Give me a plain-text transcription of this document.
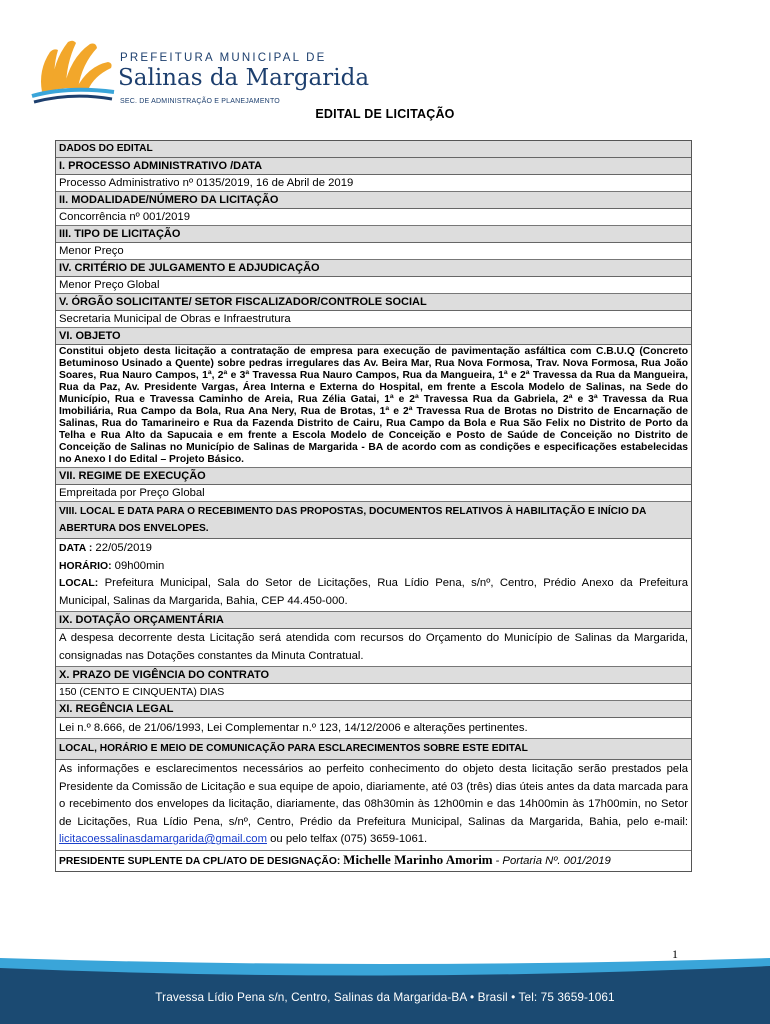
PREFEITURA MUNICIPAL DE
Salinas da Margarida
SEC. DE ADMINISTRAÇÃO E PLANEJAMENTO
EDITAL DE LICITAÇÃO
DADOS DO EDITAL
I. PROCESSO ADMINISTRATIVO /DATA
Processo Administrativo nº 0135/2019, 16 de Abril de 2019
II. MODALIDADE/NÚMERO DA LICITAÇÃO
Concorrência nº 001/2019
III. TIPO DE LICITAÇÃO
Menor Preço
IV. CRITÉRIO DE JULGAMENTO E ADJUDICAÇÃO
Menor Preço Global
V. ÓRGÃO SOLICITANTE/ SETOR FISCALIZADOR/CONTROLE SOCIAL
Secretaria Municipal de Obras e Infraestrutura
VI. OBJETO
Constitui objeto desta licitação a contratação de empresa para execução de pavimentação asfáltica com C.B.U.Q (Concreto Betuminoso Usinado a Quente) sobre pedras irregulares das Av. Beira Mar, Rua Nova Formosa, Trav. Nova Formosa, Rua João Soares, Rua Nauro Campos, 1ª, 2ª e 3ª Travessa Rua Nauro Campos, Rua da Mangueira, 1ª e 2ª Travessa da Rua da Mangueira, Rua da Paz, Av. Presidente Vargas, Área Interna e Externa do Hospital, em frente a Escola Modelo de Salinas, na Sede do Município, Rua e Travessa Caminho de Areia, Rua Zélia Gatai, 1ª e 2ª Travessa Rua da Gabriela, 2ª e 3ª Travessa da Rua Imobiliária, Rua Campo da Bola, Rua Ana Nery, Rua de Brotas, 1ª e 2ª Travessa Rua de Brotas no Distrito de Encarnação de Salinas, Rua do Tamarineiro e Rua da Fazenda Distrito de Cairu, Rua Campo da Bola e Rua São Felix no Distrito de Porto da Telha e Rua Alto da Sapucaia e em frente a Escola Modelo de Conceição e Posto de Saúde de Conceição no Distrito de Conceição de Salinas no Município de Salinas de Margarida - BA de acordo com as condições e especificações estabelecidas no Anexo I do Edital – Projeto Básico.
VII. REGIME DE EXECUÇÃO
Empreitada por Preço Global
VIII. LOCAL E DATA PARA O RECEBIMENTO DAS PROPOSTAS, DOCUMENTOS RELATIVOS À HABILITAÇÃO E INÍCIO DA ABERTURA DOS ENVELOPES.
DATA : 22/05/2019
HORÁRIO: 09h00min
LOCAL: Prefeitura Municipal, Sala do Setor de Licitações, Rua Lídio Pena, s/nº, Centro, Prédio Anexo da Prefeitura Municipal, Salinas da Margarida, Bahia, CEP 44.450-000.
IX. DOTAÇÃO ORÇAMENTÁRIA
A despesa decorrente desta Licitação será atendida com recursos do Orçamento do Município de Salinas da Margarida, consignadas nas Dotações constantes da Minuta Contratual.
X. PRAZO DE VIGÊNCIA DO CONTRATO
150 (CENTO E CINQUENTA) DIAS
XI. REGÊNCIA LEGAL
Lei n.º 8.666, de 21/06/1993, Lei Complementar n.º 123, 14/12/2006 e alterações pertinentes.
LOCAL, HORÁRIO E MEIO DE COMUNICAÇÃO PARA ESCLARECIMENTOS SOBRE ESTE EDITAL
As informações e esclarecimentos necessários ao perfeito conhecimento do objeto desta licitação serão prestados pela Presidente da Comissão de Licitação e sua equipe de apoio, diariamente, até 03 (três) dias úteis antes da data marcada para o recebimento dos envelopes da licitação, diariamente, das 08h30min às 12h00min e das 14h00min às 17h00min, no Setor de Licitações, Rua Lídio Pena, s/nº, Centro, Prédio da Prefeitura Municipal, Salinas da Margarida, Bahia, pelo e-mail: licitacoessalinasdamargarida@gmail.com ou pelo telfax (075) 3659-1061.
PRESIDENTE SUPLENTE DA CPL/ATO DE DESIGNAÇÃO: Michelle Marinho Amorim - Portaria Nº. 001/2019
1
Travessa Lídio Pena s/n, Centro, Salinas da Margarida-BA • Brasil • Tel: 75 3659-1061
